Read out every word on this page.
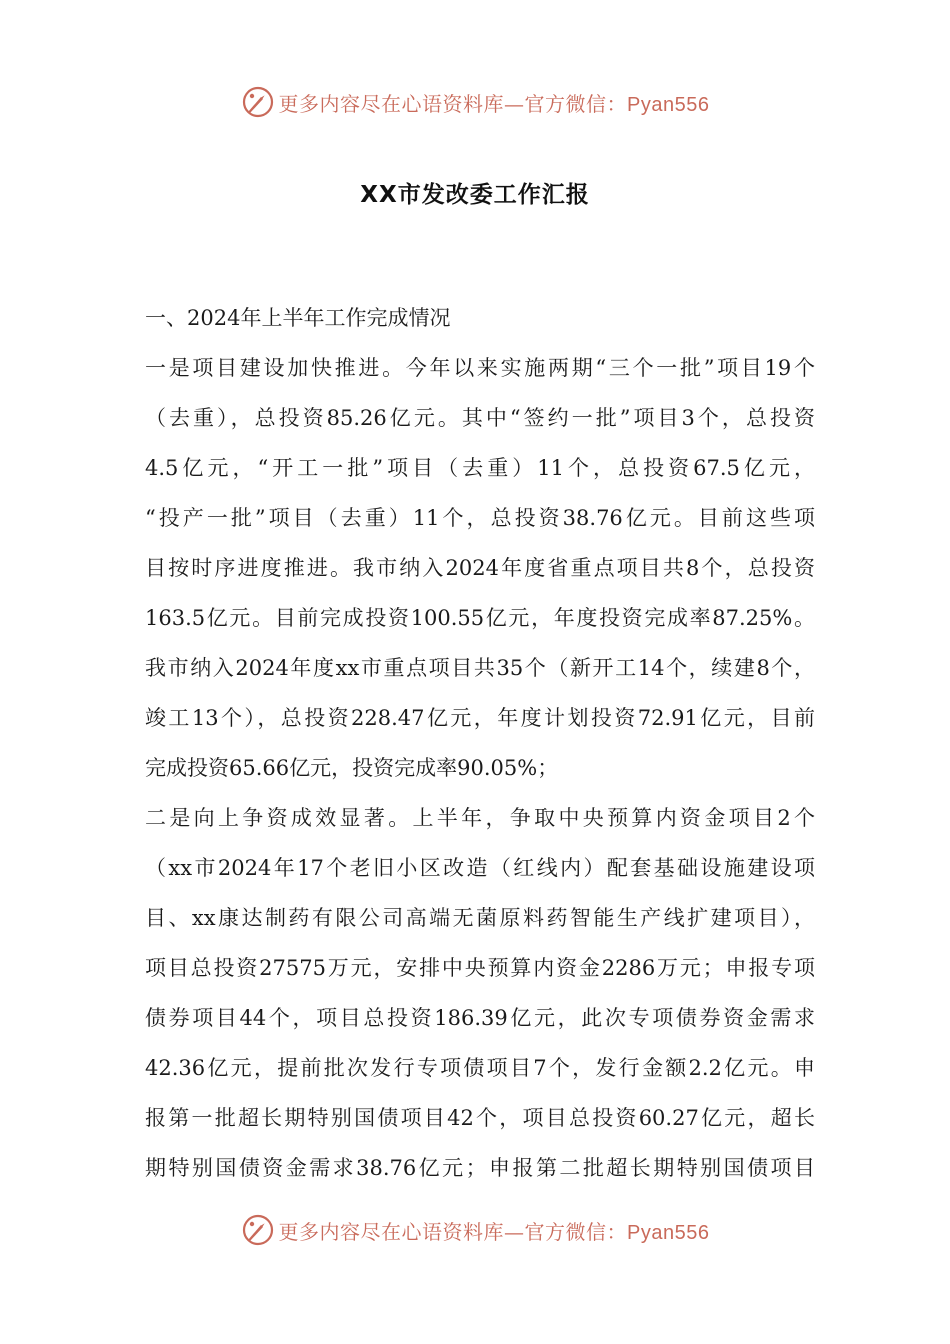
更多内容尽在心语资料库—官方微信：Pyan556
XX市发改委工作汇报
一、2024年上半年工作完成情况
一是项目建设加快推进。今年以来实施两期“三个一批”项目19个
（去重），总投资85.26亿元。其中“签约一批”项目3个，总投资
4.5亿元，“开工一批”项目（去重）11个，总投资67.5亿元，
“投产一批”项目（去重）11个，总投资38.76亿元。目前这些项
目按时序进度推进。我市纳入2024年度省重点项目共8个，总投资
163.5亿元。目前完成投资100.55亿元，年度投资完成率87.25%。
我市纳入2024年度xx市重点项目共35个（新开工14个，续建8个，
竣工13个），总投资228.47亿元，年度计划投资72.91亿元，目前
完成投资65.66亿元，投资完成率90.05%；
二是向上争资成效显著。上半年，争取中央预算内资金项目2个
（xx市2024年17个老旧小区改造（红线内）配套基础设施建设项
目、xx康达制药有限公司高端无菌原料药智能生产线扩建项目），
项目总投资27575万元，安排中央预算内资金2286万元；申报专项
债券项目44个，项目总投资186.39亿元，此次专项债券资金需求
42.36亿元，提前批次发行专项债项目7个，发行金额2.2亿元。申
报第一批超长期特别国债项目42个，项目总投资60.27亿元，超长
期特别国债资金需求38.76亿元；申报第二批超长期特别国债项目
更多内容尽在心语资料库—官方微信：Pyan556
